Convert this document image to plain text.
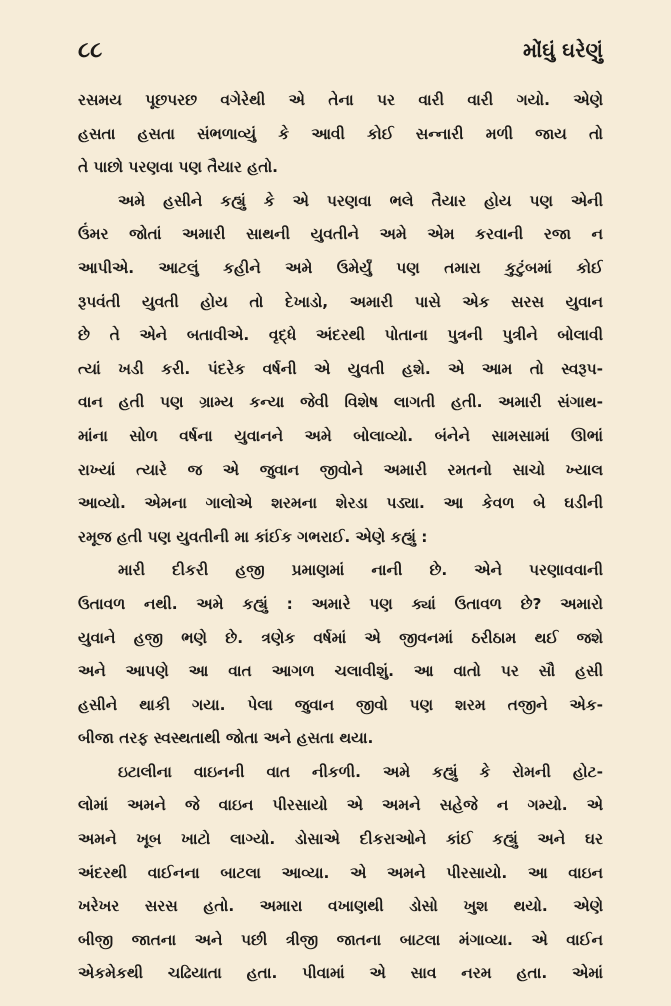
૮૮	મોંઘું ઘરેણું
રસમય પૂછપરછ વગેરેથી એ તેના પર વારી વારી ગયો. એણે
હસતા હસતા સંભળાવ્યું કે આવી કોઈ સન્નારી મળી જાય તો
તે પાછો પરણવા પણ તૈયાર હતો.
અમે હસીને કહ્યું કે એ પરણવા ભલે તૈયાર હોય પણ એની
ઉંમર જોતાં અમારી સાથની યુવતીને અમે એમ કરવાની રજા ન
આપીએ. આટલું કહીને અમે ઉમેર્યું પણ તમારા કુટુંબમાં કોઈ
રૂપવંતી યુવતી હોય તો દેખાડો, અમારી પાસે એક સરસ યુવાન
છે તે એને બતાવીએ. વૃદ્ધે અંદરથી પોતાના પુત્રની પુત્રીને બોલાવી
ત્યાં ખડી કરી. પંદરેક વર્ષની એ યુવતી હશે. એ આમ તો સ્વરૂપ-
વાન હતી પણ ગ્રામ્ય કન્યા જેવી વિશેષ લાગતી હતી. અમારી સંગાથ-
માંના સોળ વર્ષના યુવાનને અમે બોલાવ્યો. બંનેને સામસામાં ઊભાં
રાખ્યાં ત્યારે જ એ જુવાન જીવોને અમારી રમતનો સાચો ખ્યાલ
આવ્યો. એમના ગાલોએ શરમના શેરડા પડ્યા. આ કેવળ બે ઘડીની
રમૂજ હતી પણ યુવતીની મા કાંઈક ગભરાઈ. એણે કહ્યું :
મારી દીકરી હજી પ્રમાણમાં નાની છે. એને પરણાવવાની
ઉતાવળ નથી. અમે કહ્યું : અમારે પણ ક્યાં ઉતાવળ છે? અમારો
યુવાને હજી ભણે છે. ત્રણેક વર્ષમાં એ જીવનમાં ઠરીઠામ થઈ જશે
અને આપણે આ વાત આગળ ચલાવીશું. આ વાતો પર સૌ હસી
હસીને થાકી ગયા. પેલા જુવાન જીવો પણ શરમ તજીને એક-
બીજા તરફ સ્વસ્થતાથી જોતા અને હસતા થયા.
ઇટાલીના વાઇનની વાત નીકળી. અમે કહ્યું કે રોમની હોટ-
લોમાં અમને જે વાઇન પીરસાયો એ અમને સહેજે ન ગમ્યો. એ
અમને ખૂબ ખાટો લાગ્યો. ડોસાએ દીકરાઓને કાંઈ કહ્યું અને ઘર
અંદરથી વાઈનના બાટલા આવ્યા. એ અમને પીરસાયો. આ વાઇન
ખરેખર સરસ હતો. અમારા વખાણથી ડોસો ખુશ થયો. એણે
બીજી જાતના અને પછી ત્રીજી જાતના બાટલા મંગાવ્યા. એ વાઈન
એકમેકથી ચઢિયાતા હતા. પીવામાં એ સાવ નરમ હતા. એમાં
